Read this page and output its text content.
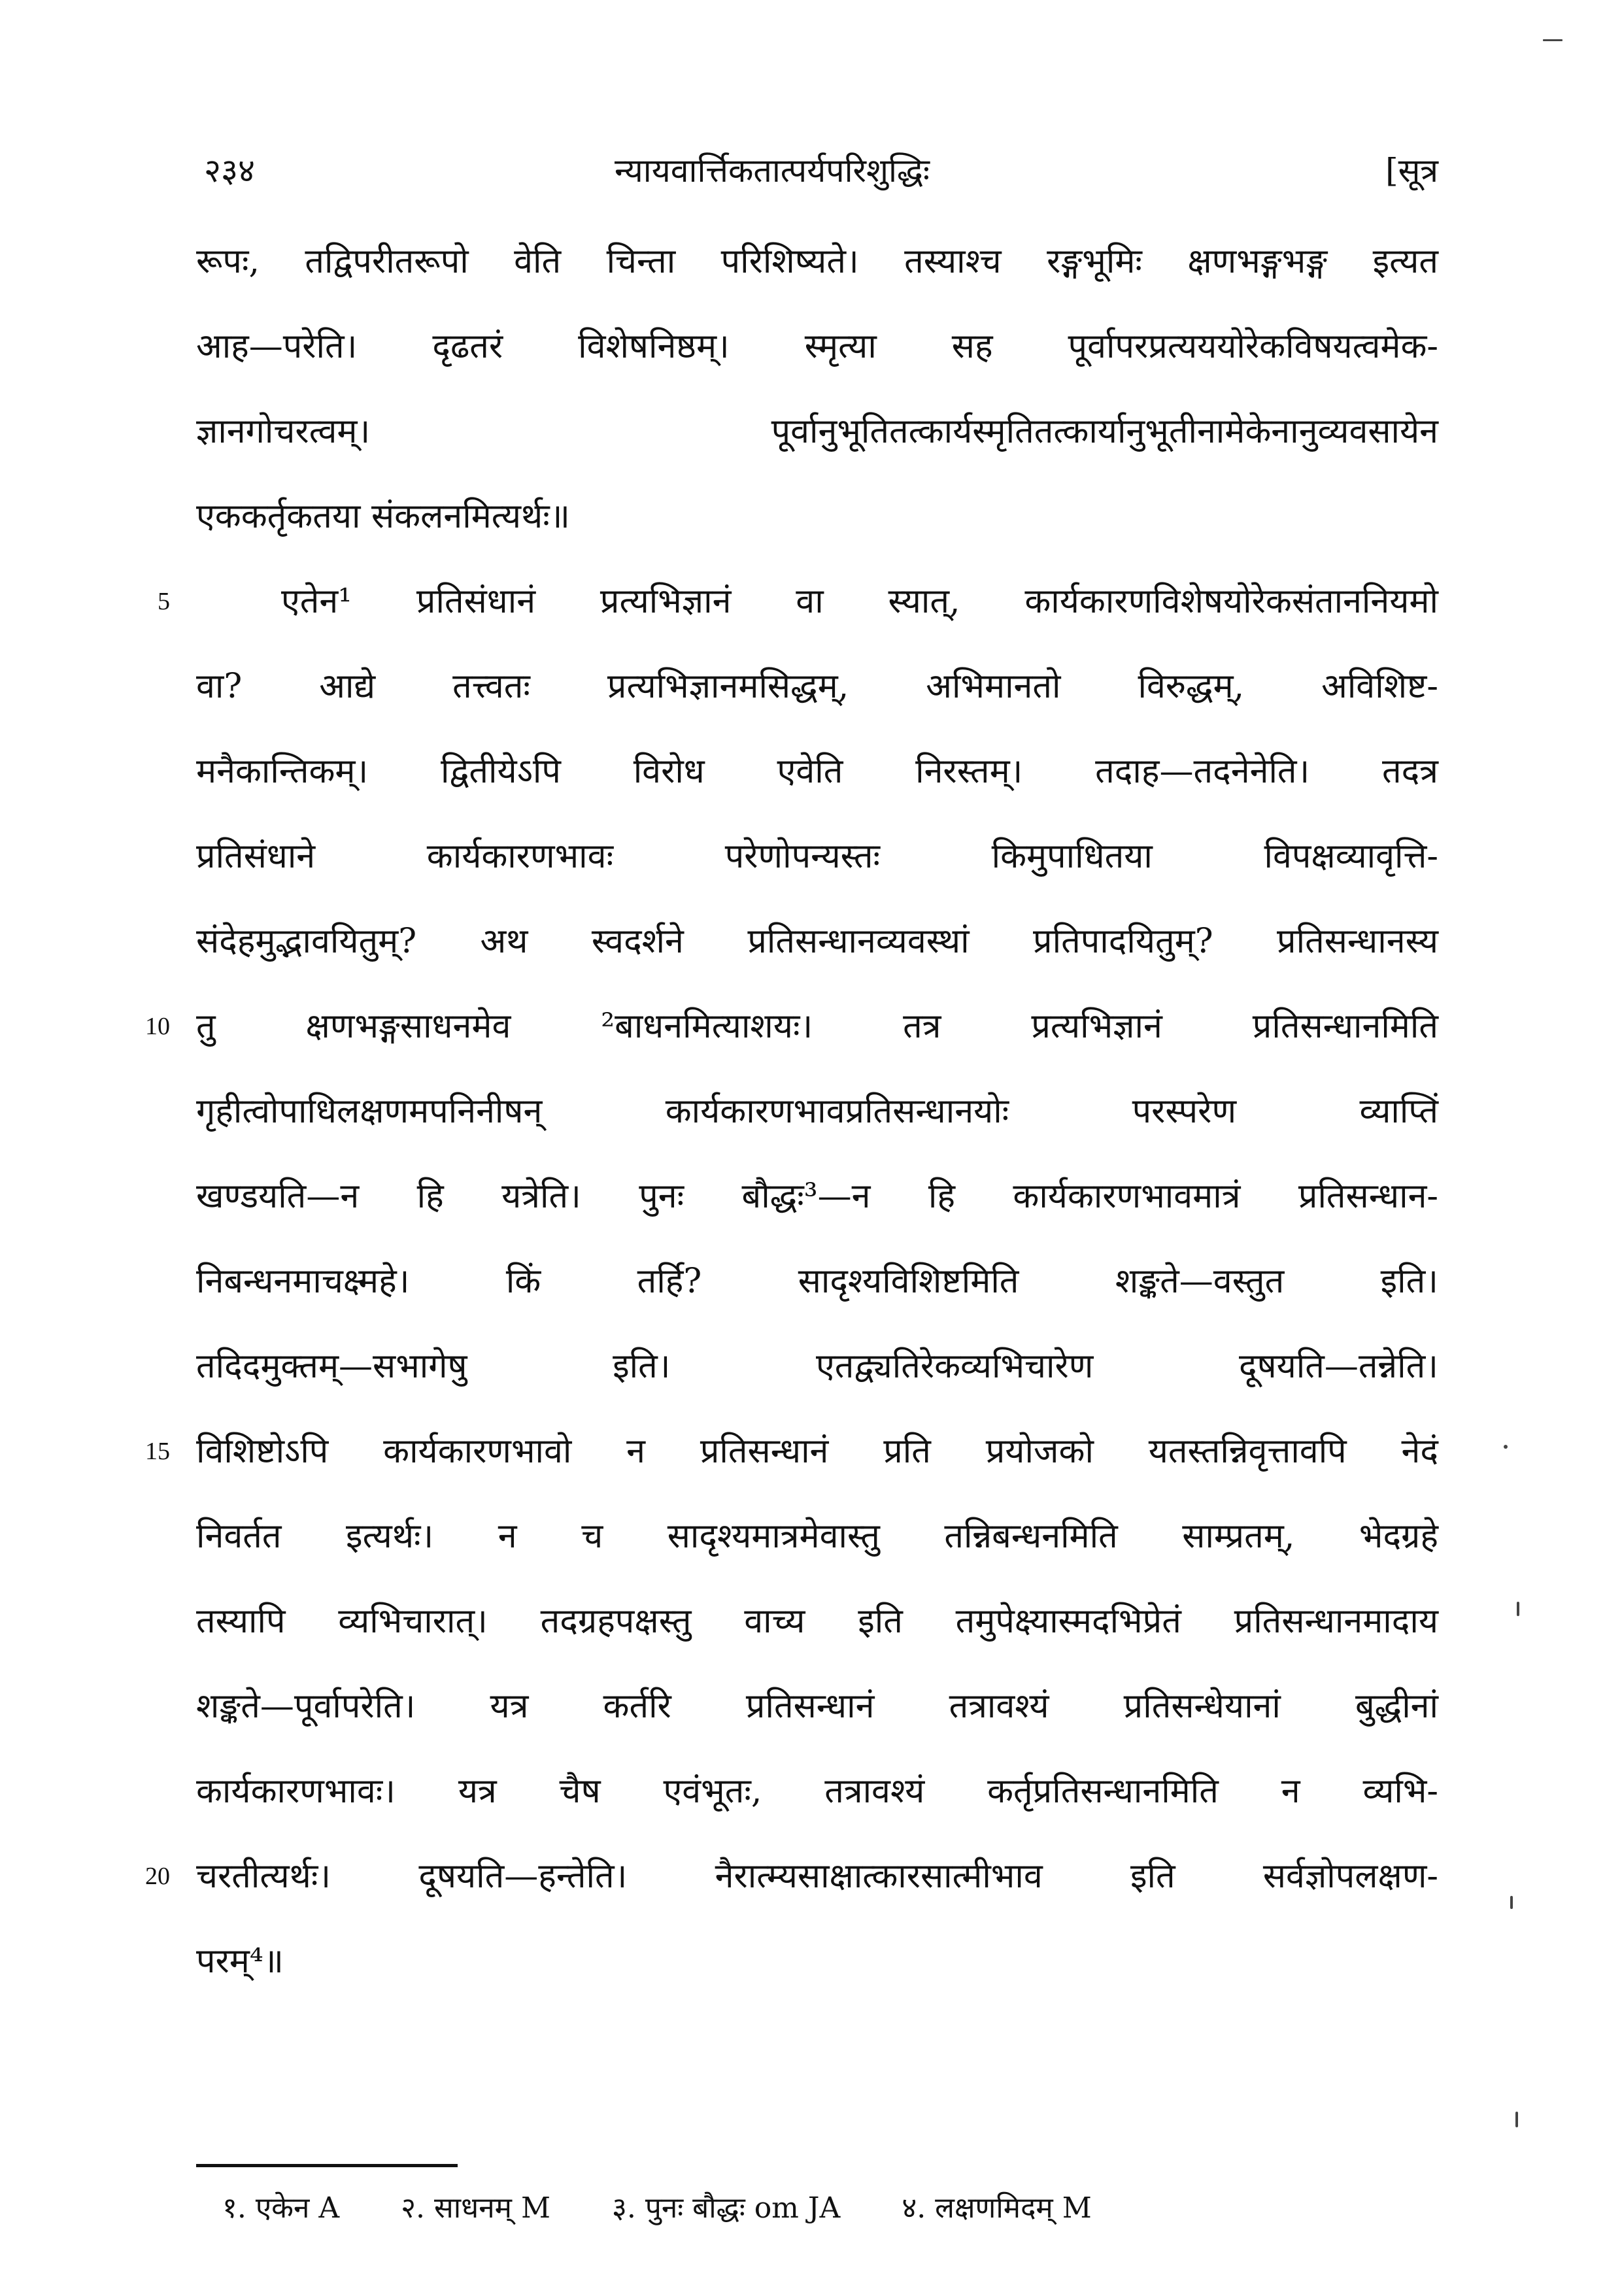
२३४	न्यायवार्त्तिकतात्पर्यपरिशुद्धिः	[सूत्र
रूपः, तद्विपरीतरूपो वेति चिन्ता परिशिष्यते। तस्याश्च रङ्गभूमिः क्षणभङ्गभङ्ग इत्यत
आह—परेति। दृढतरं विशेषनिष्ठम्। स्मृत्या सह पूर्वापरप्रत्यययोरेकविषयत्वमेक-
ज्ञानगोचरत्वम्। पूर्वानुभूतितत्कार्यस्मृतितत्कार्यानुभूतीनामेकेनानुव्यवसायेन
एककर्तृकतया संकलनमित्यर्थः॥
5	एतेन¹ प्रतिसंधानं प्रत्यभिज्ञानं वा स्यात्, कार्यकारणविशेषयोरेकसंताननियमो
वा? आद्ये तत्त्वतः प्रत्यभिज्ञानमसिद्धम्, अभिमानतो विरुद्धम्, अविशिष्ट-
मनैकान्तिकम्। द्वितीयेऽपि विरोध एवेति निरस्तम्। तदाह—तदनेनेति। तदत्र
प्रतिसंधाने कार्यकारणभावः परेणोपन्यस्तः किमुपाधितया विपक्षव्यावृत्ति-
संदेहमुद्भावयितुम्? अथ स्वदर्शने प्रतिसन्धानव्यवस्थां प्रतिपादयितुम्? प्रतिसन्धानस्य
10 तु क्षणभङ्गसाधनमेव ²बाधनमित्याशयः। तत्र प्रत्यभिज्ञानं प्रतिसन्धानमिति
गृहीत्वोपाधिलक्षणमपनिनीषन् कार्यकारणभावप्रतिसन्धानयोः परस्परेण व्याप्तिं
खण्डयति—न हि यत्रेति। पुनः बौद्धः³—न हि कार्यकारणभावमात्रं प्रतिसन्धान-
निबन्धनमाचक्ष्महे। किं तर्हि? सादृश्यविशिष्टमिति शङ्कते—वस्तुत इति।
तदिदमुक्तम्—सभागेषु इति। एतद्व्यतिरेकव्यभिचारेण दूषयति—तन्नेति।
15 विशिष्टोऽपि कार्यकारणभावो न प्रतिसन्धानं प्रति प्रयोजको यतस्तन्निवृत्तावपि नेदं
निवर्तत इत्यर्थः। न च सादृश्यमात्रमेवास्तु तन्निबन्धनमिति साम्प्रतम्, भेदग्रहे
तस्यापि व्यभिचारात्। तदग्रहपक्षस्तु वाच्य इति तमुपेक्ष्यास्मदभिप्रेतं प्रतिसन्धानमादाय
शङ्कते—पूर्वापरेति। यत्र कर्तरि प्रतिसन्धानं तत्रावश्यं प्रतिसन्धेयानां बुद्धीनां
कार्यकारणभावः। यत्र चैष एवंभूतः, तत्रावश्यं कर्तृप्रतिसन्धानमिति न व्यभि-
20 चरतीत्यर्थः। दूषयति—हन्तेति। नैरात्म्यसाक्षात्कारसात्मीभाव इति सर्वज्ञोपलक्षण-
परम्⁴॥
१. एकेन A २. साधनम् M ३. पुनः बौद्धः om JA ४. लक्षणमिदम् M
